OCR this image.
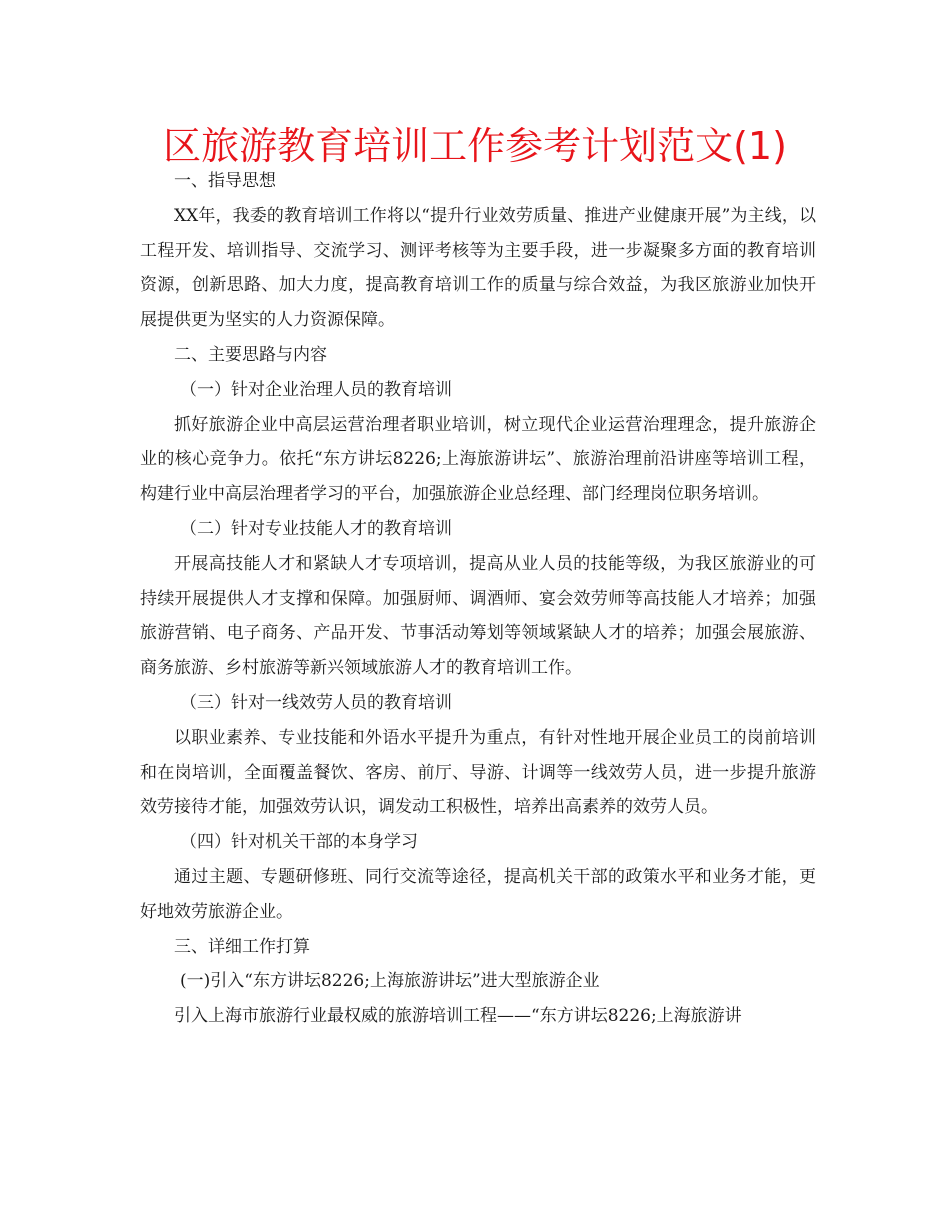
区旅游教育培训工作参考计划范文(1)

一、指导思想

XX年，我委的教育培训工作将以“提升行业效劳质量、推进产业健康开展”为主线，以工程开发、培训指导、交流学习、测评考核等为主要手段，进一步凝聚多方面的教育培训资源，创新思路、加大力度，提高教育培训工作的质量与综合效益，为我区旅游业加快开展提供更为坚实的人力资源保障。

二、主要思路与内容

（一）针对企业治理人员的教育培训

抓好旅游企业中高层运营治理者职业培训，树立现代企业运营治理理念，提升旅游企业的核心竞争力。依托“东方讲坛8226;上海旅游讲坛”、旅游治理前沿讲座等培训工程，构建行业中高层治理者学习的平台，加强旅游企业总经理、部门经理岗位职务培训。

（二）针对专业技能人才的教育培训

开展高技能人才和紧缺人才专项培训，提高从业人员的技能等级，为我区旅游业的可持续开展提供人才支撑和保障。加强厨师、调酒师、宴会效劳师等高技能人才培养；加强旅游营销、电子商务、产品开发、节事活动筹划等领域紧缺人才的培养；加强会展旅游、商务旅游、乡村旅游等新兴领域旅游人才的教育培训工作。

（三）针对一线效劳人员的教育培训

以职业素养、专业技能和外语水平提升为重点，有针对性地开展企业员工的岗前培训和在岗培训，全面覆盖餐饮、客房、前厅、导游、计调等一线效劳人员，进一步提升旅游效劳接待才能，加强效劳认识，调发动工积极性，培养出高素养的效劳人员。

（四）针对机关干部的本身学习

通过主题、专题研修班、同行交流等途径，提高机关干部的政策水平和业务才能，更好地效劳旅游企业。

三、详细工作打算

(一)引入“东方讲坛8226;上海旅游讲坛”进大型旅游企业

引入上海市旅游行业最权威的旅游培训工程——“东方讲坛8226;上海旅游讲
